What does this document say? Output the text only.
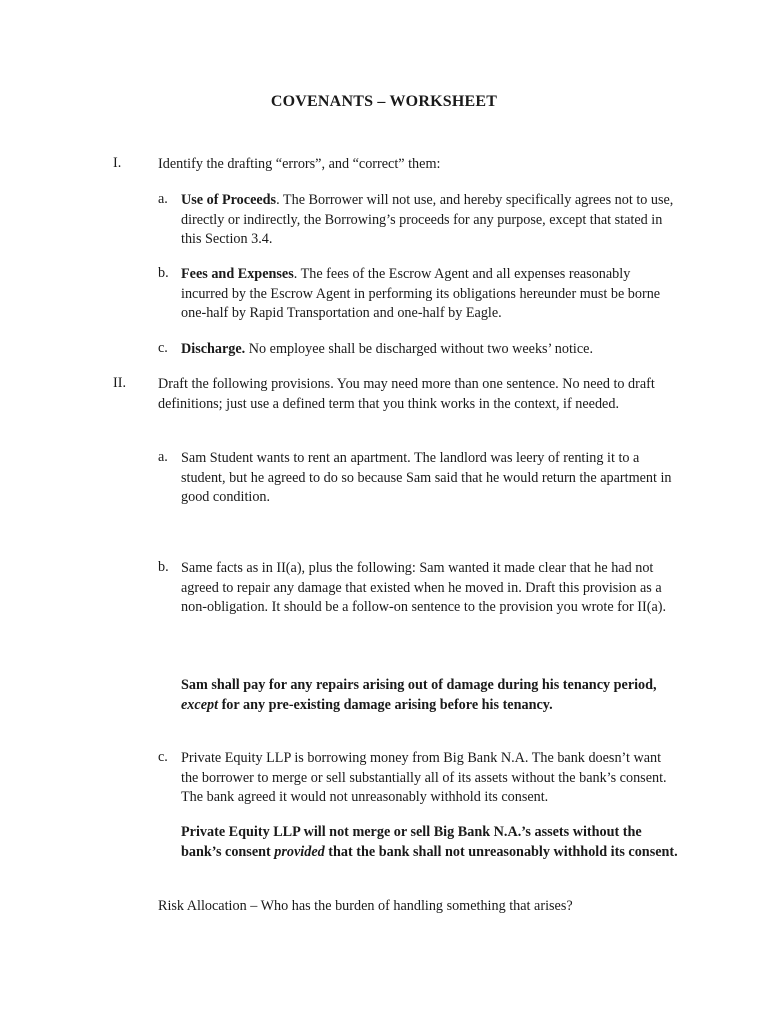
COVENANTS – WORKSHEET
I.	Identify the drafting “errors”, and “correct” them:
a. Use of Proceeds. The Borrower will not use, and hereby specifically agrees not to use, directly or indirectly, the Borrowing’s proceeds for any purpose, except that stated in this Section 3.4.
b. Fees and Expenses. The fees of the Escrow Agent and all expenses reasonably incurred by the Escrow Agent in performing its obligations hereunder must be borne one-half by Rapid Transportation and one-half by Eagle.
c. Discharge. No employee shall be discharged without two weeks’ notice.
II. Draft the following provisions. You may need more than one sentence. No need to draft definitions; just use a defined term that you think works in the context, if needed.
a. Sam Student wants to rent an apartment. The landlord was leery of renting it to a student, but he agreed to do so because Sam said that he would return the apartment in good condition.
b. Same facts as in II(a), plus the following: Sam wanted it made clear that he had not agreed to repair any damage that existed when he moved in. Draft this provision as a non-obligation. It should be a follow-on sentence to the provision you wrote for II(a).
Sam shall pay for any repairs arising out of damage during his tenancy period, except for any pre-existing damage arising before his tenancy.
c. Private Equity LLP is borrowing money from Big Bank N.A. The bank doesn’t want the borrower to merge or sell substantially all of its assets without the bank’s consent. The bank agreed it would not unreasonably withhold its consent.
Private Equity LLP will not merge or sell Big Bank N.A.’s assets without the bank’s consent provided that the bank shall not unreasonably withhold its consent.
Risk Allocation – Who has the burden of handling something that arises?
